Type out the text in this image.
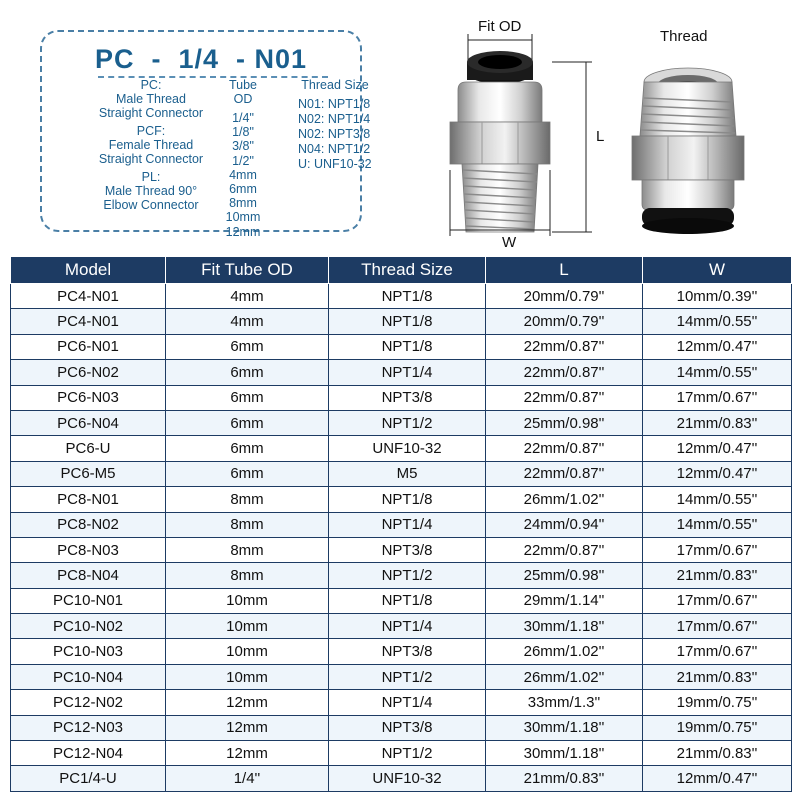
PC  -  1/4  - N01
PC:
Male Thread
Straight Connector
PCF:
Female Thread
Straight Connector
PL:
Male Thread 90°
Elbow Connector
Tube OD
1/4"
1/8"
3/8"
1/2"
4mm
6mm
8mm
10mm
12mm
Thread Size
N01: NPT1/8
N02: NPT1/4
N02: NPT3/8
N04: NPT1/2
U: UNF10-32
Fit OD
Thread
L
W
Model	Fit Tube OD	Thread Size	L	W
PC4-N01	4mm	NPT1/8	20mm/0.79''	10mm/0.39''
PC4-N01	4mm	NPT1/8	20mm/0.79''	14mm/0.55''
PC6-N01	6mm	NPT1/8	22mm/0.87''	12mm/0.47''
PC6-N02	6mm	NPT1/4	22mm/0.87''	14mm/0.55''
PC6-N03	6mm	NPT3/8	22mm/0.87''	17mm/0.67''
PC6-N04	6mm	NPT1/2	25mm/0.98''	21mm/0.83''
PC6-U	6mm	UNF10-32	22mm/0.87''	12mm/0.47''
PC6-M5	6mm	M5	22mm/0.87''	12mm/0.47''
PC8-N01	8mm	NPT1/8	26mm/1.02''	14mm/0.55''
PC8-N02	8mm	NPT1/4	24mm/0.94''	14mm/0.55''
PC8-N03	8mm	NPT3/8	22mm/0.87''	17mm/0.67''
PC8-N04	8mm	NPT1/2	25mm/0.98''	21mm/0.83''
PC10-N01	10mm	NPT1/8	29mm/1.14''	17mm/0.67''
PC10-N02	10mm	NPT1/4	30mm/1.18''	17mm/0.67''
PC10-N03	10mm	NPT3/8	26mm/1.02''	17mm/0.67''
PC10-N04	10mm	NPT1/2	26mm/1.02''	21mm/0.83''
PC12-N02	12mm	NPT1/4	33mm/1.3''	19mm/0.75''
PC12-N03	12mm	NPT3/8	30mm/1.18''	19mm/0.75''
PC12-N04	12mm	NPT1/2	30mm/1.18''	21mm/0.83''
PC1/4-U	1/4''	UNF10-32	21mm/0.83''	12mm/0.47''
